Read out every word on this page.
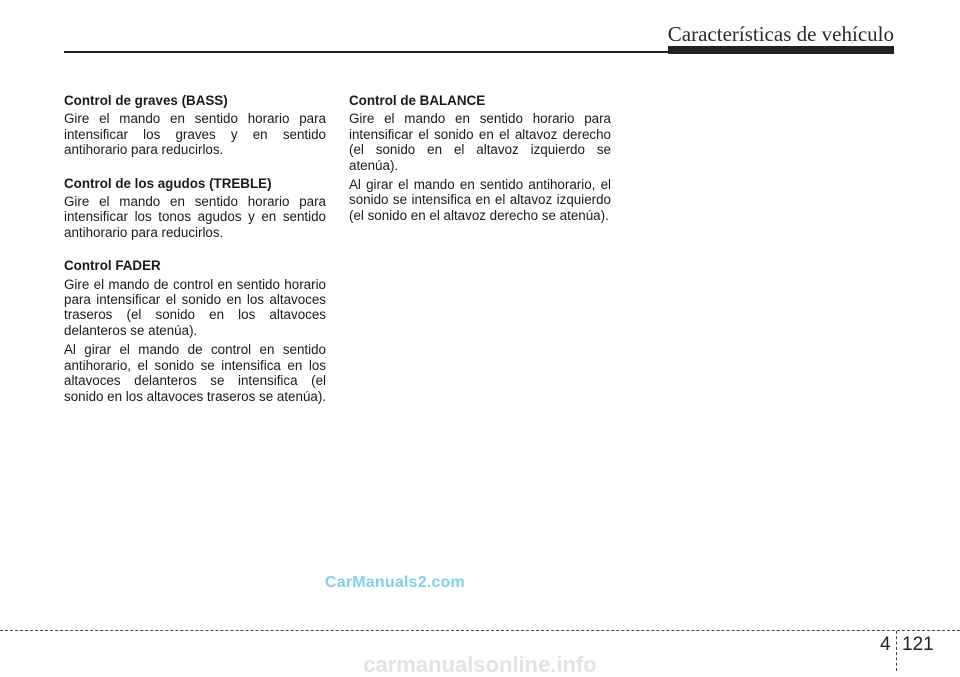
Características de vehículo
Control de graves (BASS)

Gire el mando en sentido horario para intensificar los graves y en sentido antihorario para reducirlos.

Control de los agudos (TREBLE)

Gire el mando en sentido horario para intensificar los tonos agudos y en sentido antihorario para reducirlos.

Control FADER

Gire el mando de control en sentido horario para intensificar el sonido en los altavoces traseros (el sonido en los altavoces delanteros se atenúa).

Al girar el mando de control en sentido antihorario, el sonido se intensifica en los altavoces delanteros se intensifica (el sonido en los altavoces traseros se atenúa).

Control de BALANCE

Gire el mando en sentido horario para intensificar el sonido en el altavoz derecho (el sonido en el altavoz izquierdo se atenúa).

Al girar el mando en sentido antihorario, el sonido se intensifica en el altavoz izquierdo (el sonido en el altavoz derecho se atenúa).

CarManuals2.com
4 121
carmanualsonline.info
